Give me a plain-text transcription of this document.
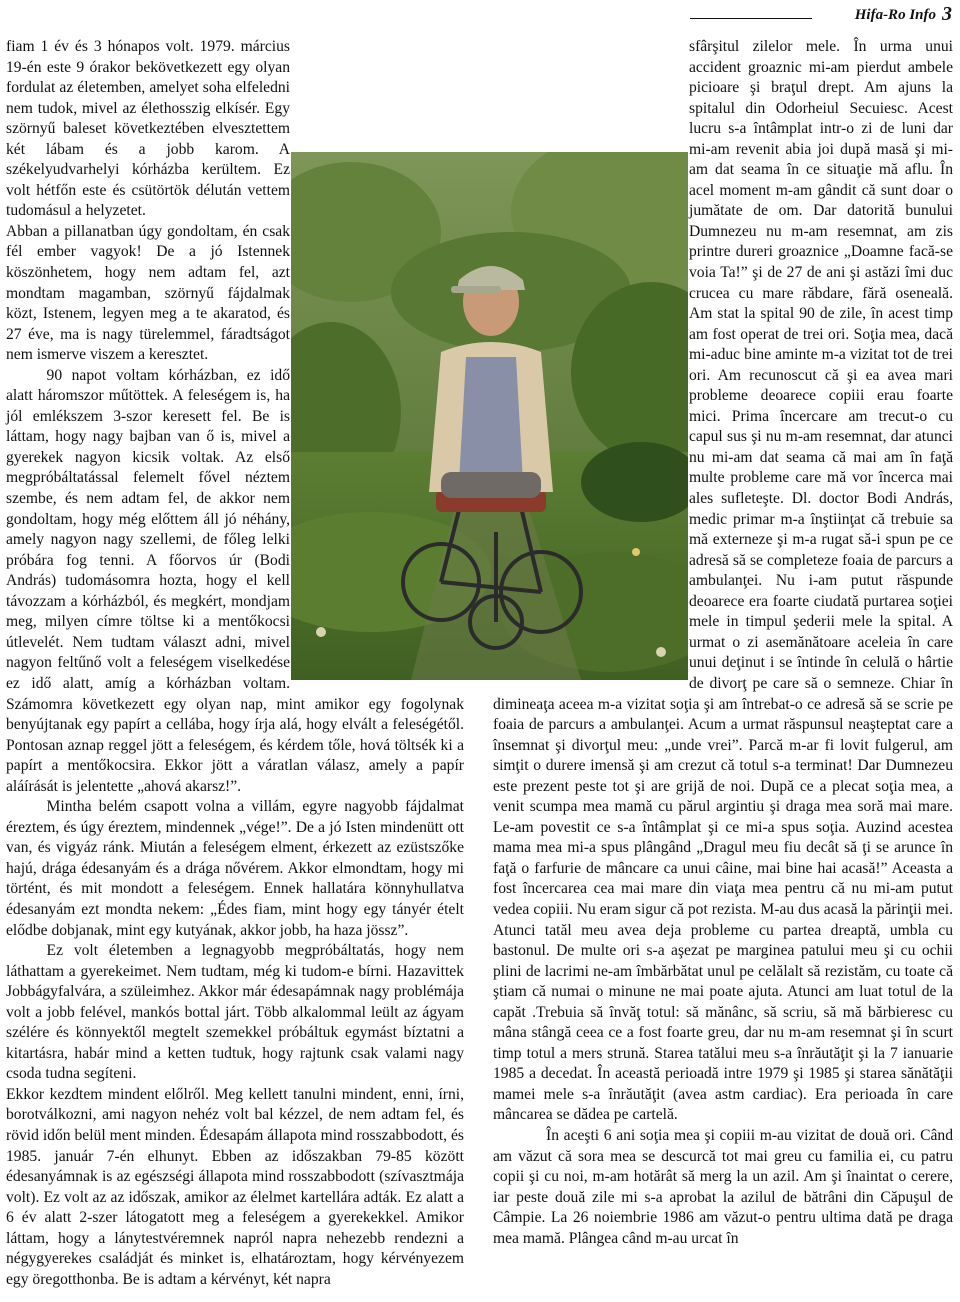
Hifa-Ro Info 3

fiam 1 év és 3 hónapos volt. 1979. március 19-én este 9 órakor bekövetkezett egy olyan fordulat az életemben, amelyet soha elfeledni nem tudok, mivel az élethosszig elkísér. Egy szörnyű baleset következtében elvesztettem két lábam és a jobb karom. A székelyudvarhelyi kórházba kerültem. Ez volt hétfőn este és csütörtök délután vettem tudomásul a helyzetet.

Abban a pillanatban úgy gondoltam, én csak fél ember vagyok! De a jó Istennek köszönhetem, hogy nem adtam fel, azt mondtam magamban, szörnyű fájdalmak közt, Istenem, legyen meg a te akaratod, és 27 éve, ma is nagy türelemmel, fáradtságot nem ismerve viszem a keresztet.

90 napot voltam kórházban, ez idő alatt háromszor műtöttek. A feleségem is, ha jól emlékszem 3-szor keresett fel. Be is láttam, hogy nagy bajban van ő is, mivel a gyerekek nagyon kicsik voltak. Az első megpróbáltatással felemelt fővel néztem szembe, és nem adtam fel, de akkor nem gondoltam, hogy még előttem áll jó néhány, amely nagyon nagy szellemi, de főleg lelki próbára fog tenni. A főorvos úr (Bodi András) tudomásomra hozta, hogy el kell távozzam a kórházból, és megkért, mondjam meg, milyen címre töltse ki a mentőkocsi útlevelét. Nem tudtam választ adni, mivel nagyon feltűnő volt a feleségem viselkedése ez idő alatt, amíg a kórházban voltam. Számomra következett egy olyan nap, mint amikor egy fogolynak benyújtanak egy papírt a cellába, hogy írja alá, hogy elvált a feleségétől. Pontosan aznap reggel jött a feleségem, és kérdem tőle, hová töltsék ki a papírt a mentőkocsira. Ekkor jött a váratlan válasz, amely a papír aláírását is jelentette „ahová akarsz!”.

Mintha belém csapott volna a villám, egyre nagyobb fájdalmat éreztem, és úgy éreztem, mindennek „vége!”. De a jó Isten mindenütt ott van, és vigyáz ránk. Miután a feleségem elment, érkezett az ezüstszőke hajú, drága édesanyám és a drága nővérem. Akkor elmondtam, hogy mi történt, és mit mondott a feleségem. Ennek hallatára könnyhullatva édesanyám ezt mondta nekem: „Édes fiam, mint hogy egy tányér ételt elődbe dobjanak, mint egy kutyának, akkor jobb, ha haza jössz”.

Ez volt életemben a legnagyobb megpróbáltatás, hogy nem láthattam a gyerekeimet. Nem tudtam, még ki tudom-e bírni. Hazavittek Jobbágyfalvára, a szüleimhez. Akkor már édesapámnak nagy problémája volt a jobb felével, mankós bottal járt. Több alkalommal leült az ágyam szélére és könnyektől megtelt szemekkel próbáltuk egymást bíztatni a kitartásra, habár mind a ketten tudtuk, hogy rajtunk csak valami nagy csoda tudna segíteni.

Ekkor kezdtem mindent előlről. Meg kellett tanulni mindent, enni, írni, borotválkozni, ami nagyon nehéz volt bal kézzel, de nem adtam fel, és rövid időn belül ment minden. Édesapám állapota mind rosszabbodott, és 1985. január 7-én elhunyt. Ebben az időszakban 79-85 között édesanyámnak is az egészségi állapota mind rosszabbodott (szívasztmája volt). Ez volt az az időszak, amikor az élelmet kartellára adták. Ez alatt a 6 év alatt 2-szer látogatott meg a feleségem a gyerekekkel. Amikor láttam, hogy a lánytestvéremnek napról napra nehezebb rendezni a négygyerekes családját és minket is, elhatároztam, hogy kérvényezem egy öregotthonba. Be is adtam a kérvényt, két napra

sfârşitul zilelor mele. În urma unui accident groaznic mi-am pierdut ambele picioare şi braţul drept. Am ajuns la spitalul din Odorheiul Secuiesc. Acest lucru s-a întâmplat intr-o zi de luni dar mi-am revenit abia joi după masă şi mi-am dat seama în ce situaţie mă aflu. În acel moment m-am gândit că sunt doar o jumătate de om. Dar datorită bunului Dumnezeu nu m-am resemnat, am zis printre dureri groaznice „Doamne facă-se voia Ta!” şi de 27 de ani şi astăzi îmi duc crucea cu mare răbdare, fără oseneală. Am stat la spital 90 de zile, în acest timp am fost operat de trei ori. Soţia mea, dacă mi-aduc bine aminte m-a vizitat tot de trei ori. Am recunoscut că şi ea avea mari probleme deoarece copiii erau foarte mici. Prima încercare am trecut-o cu capul sus şi nu m-am resemnat, dar atunci nu mi-am dat seama că mai am în faţă multe probleme care mă vor încerca mai ales sufleteşte. Dl. doctor Bodi András, medic primar m-a înştiinţat că trebuie sa mă externeze şi m-a rugat să-i spun pe ce adresă să se completeze foaia de parcurs a ambulanţei. Nu i-am putut răspunde deoarece era foarte ciudată purtarea soţiei mele in timpul şederii mele la spital. A urmat o zi asemănătoare aceleia în care unui deţinut i se întinde în celulă o hârtie de divorţ pe care să o semneze. Chiar în dimineaţa aceea m-a vizitat soţia şi am întrebat-o ce adresă să se scrie pe foaia de parcurs a ambulanţei. Acum a urmat răspunsul neaşteptat care a însemnat şi divorţul meu: „unde vrei”. Parcă m-ar fi lovit fulgerul, am simţit o durere imensă şi am crezut că totul s-a terminat! Dar Dumnezeu este prezent peste tot şi are grijă de noi. După ce a plecat soţia mea, a venit scumpa mea mamă cu părul argintiu şi draga mea soră mai mare. Le-am povestit ce s-a întâmplat şi ce mi-a spus soţia. Auzind acestea mama mea mi-a spus plângând „Dragul meu fiu decât să ţi se arunce în faţă o farfurie de mâncare ca unui câine, mai bine hai acasă!” Aceasta a fost încercarea cea mai mare din viaţa mea pentru că nu mi-am putut vedea copiii. Nu eram sigur că pot rezista. M-au dus acasă la părinţii mei. Atunci tatăl meu avea deja probleme cu partea dreaptă, umbla cu bastonul. De multe ori s-a aşezat pe marginea patului meu şi cu ochii plini de lacrimi ne-am îmbărbătat unul pe celălalt să rezistăm, cu toate că ştiam că numai o minune ne mai poate ajuta. Atunci am luat totul de la capăt .Trebuia să învăţ totul: să mănânc, să scriu, să mă bărbieresc cu mâna stângă ceea ce a fost foarte greu, dar nu m-am resemnat şi în scurt timp totul a mers strună. Starea tatălui meu s-a înrăutăţit şi la 7 ianuarie 1985 a decedat. În această perioadă intre 1979 şi 1985 şi starea sănătăţii mamei mele s-a înrăutăţit (avea astm cardiac). Era perioada în care mâncarea se dădea pe cartelă.

În aceşti 6 ani soţia mea şi copiii m-au vizitat de două ori. Când am văzut că sora mea se descurcă tot mai greu cu familia ei, cu patru copii şi cu noi, m-am hotărât să merg la un azil. Am şi înaintat o cerere, iar peste două zile mi s-a aprobat la azilul de bătrâni din Căpuşul de Câmpie. La 26 noiembrie 1986 am văzut-o pentru ultima dată pe draga mea mamă. Plângea când m-au urcat în
